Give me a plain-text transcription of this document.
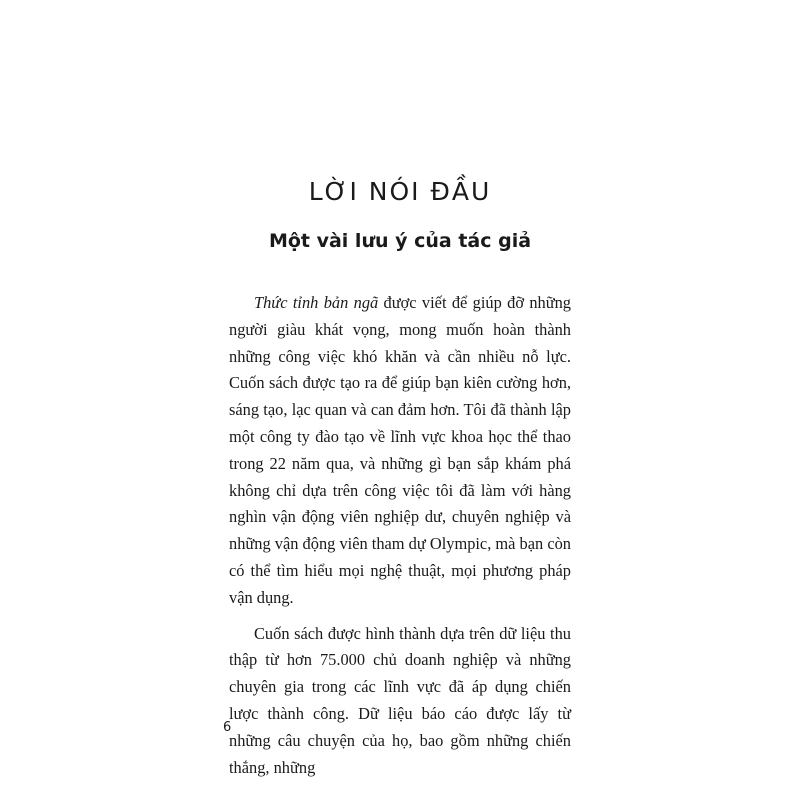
LỜI NÓI ĐẦU
Một vài lưu ý của tác giả

Thức tỉnh bản ngã được viết để giúp đỡ những người giàu khát vọng, mong muốn hoàn thành những công việc khó khăn và cần nhiều nỗ lực. Cuốn sách được tạo ra để giúp bạn kiên cường hơn, sáng tạo, lạc quan và can đảm hơn. Tôi đã thành lập một công ty đào tạo về lĩnh vực khoa học thể thao trong 22 năm qua, và những gì bạn sắp khám phá không chỉ dựa trên công việc tôi đã làm với hàng nghìn vận động viên nghiệp dư, chuyên nghiệp và những vận động viên tham dự Olympic, mà bạn còn có thể tìm hiểu mọi nghệ thuật, mọi phương pháp vận dụng.

Cuốn sách được hình thành dựa trên dữ liệu thu thập từ hơn 75.000 chủ doanh nghiệp và những chuyên gia trong các lĩnh vực đã áp dụng chiến lược thành công. Dữ liệu báo cáo được lấy từ những câu chuyện của họ, bao gồm những chiến thắng, những

6
